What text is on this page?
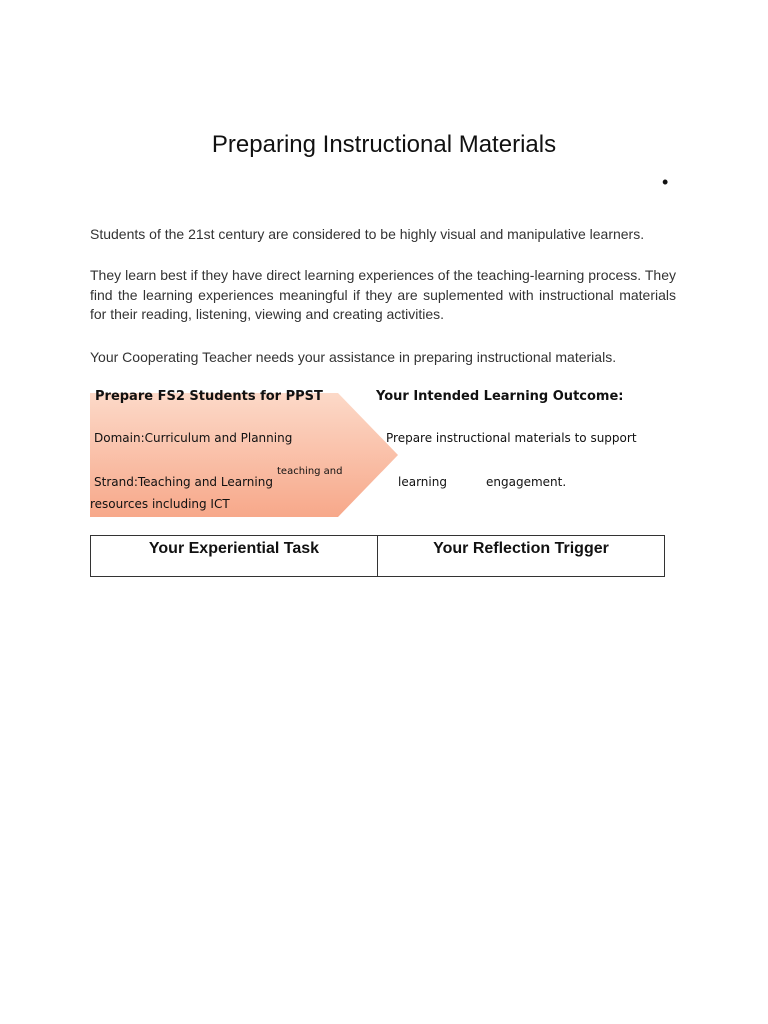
Preparing Instructional Materials
•

Students of the 21st century are considered to be highly visual and manipulative learners.

They learn best if they have direct learning experiences of the teaching-learning process. They find the learning experiences meaningful if they are suplemented with instructional materials for their reading, listening, viewing and creating activities.

Your Cooperating Teacher needs your assistance in preparing instructional materials.

Prepare FS2 Students for PPST
Domain:Curriculum and Planning
Strand:Teaching and Learning
teaching and
resources including ICT
Your Intended Learning Outcome:
Prepare instructional materials to support
learning	engagement.
Your Experiential Task	Your Reflection Trigger
